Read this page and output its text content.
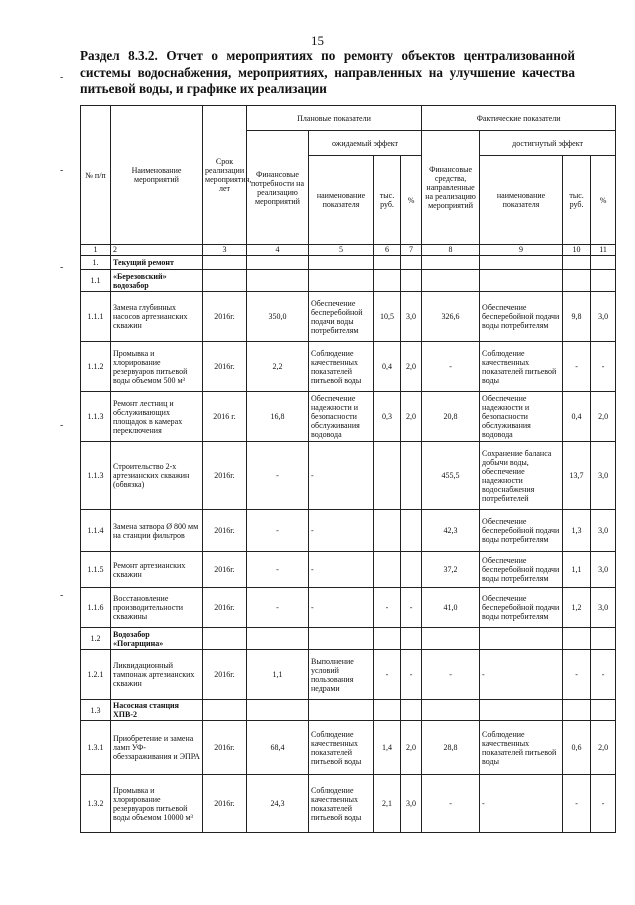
15
Раздел 8.3.2. Отчет о мероприятиях по ремонту объектов централизованной системы водоснабжения, мероприятиях, направленных на улучшение качества питьевой воды, и графике их реализации
-
-
-
-
-
№ п/п	Наименование мероприятий	Срок реализации мероприятия, лет	Плановые показатели				Фактические показатели			
			Финансовые потребности на реализацию мероприятий	ожидаемый эффект			Финансовые средства, направленные на реализацию мероприятий	достигнутый эффект		
				наименование показателя	тыс. руб.	%		наименование показателя	тыс. руб.	%
1	2	3	4	5	6	7	8	9	10	11
1.	Текущий ремонт									
1.1	«Березовский» водозабор									
1.1.1	Замена глубинных насосов артезианских скважин	2016г.	350,0	Обеспечение бесперебойной подачи воды потребителям	10,5	3,0	326,6	Обеспечение бесперебойной подачи воды потребителям	9,8	3,0
1.1.2	Промывка и хлорирование резервуаров питьевой воды объемом 500 м³	2016г.	2,2	Соблюдение качественных показателей питьевой воды	0,4	2,0	-	Соблюдение качественных показателей питьевой воды	-	-
1.1.3	Ремонт лестниц и обслуживающих площадок в камерах переключения	2016 г.	16,8	Обеспечение надежности и безопасности обслуживания водовода	0,3	2,0	20,8	Обеспечение надежности и безопасности обслуживания водовода	0,4	2,0
1.1.3	Строительство 2-х артезианских скважин (обвязка)	2016г.	-	-			455,5	Сохранение баланса добычи воды, обеспечение надежности водоснабжения потребителей	13,7	3,0
1.1.4	Замена затвора Ø 800 мм на станции фильтров	2016г.	-	-			42,3	Обеспечение бесперебойной подачи воды потребителям	1,3	3,0
1.1.5	Ремонт артезианских скважин	2016г.	-	-			37,2	Обеспечение бесперебойной подачи воды потребителям	1,1	3,0
1.1.6	Восстановление производительности скважины	2016г.	-	-	-	-	41,0	Обеспечение бесперебойной подачи воды потребителям	1,2	3,0
1.2	Водозабор «Погарщина»									
1.2.1	Ликвидационный тампонаж артезианских скважин	2016г.	1,1	Выполнение условий пользования недрами	-	-	-	-	-	-
1.3	Насосная станция ХПВ-2									
1.3.1	Приобретение и замена ламп УФ-обеззараживания и ЭПРА	2016г.	68,4	Соблюдение качественных показателей питьевой воды	1,4	2,0	28,8	Соблюдение качественных показателей питьевой воды	0,6	2,0
1.3.2	Промывка и хлорирование резервуаров питьевой воды объемом 10000 м³	2016г.	24,3	Соблюдение качественных показателей питьевой воды	2,1	3,0	-	-	-	-
